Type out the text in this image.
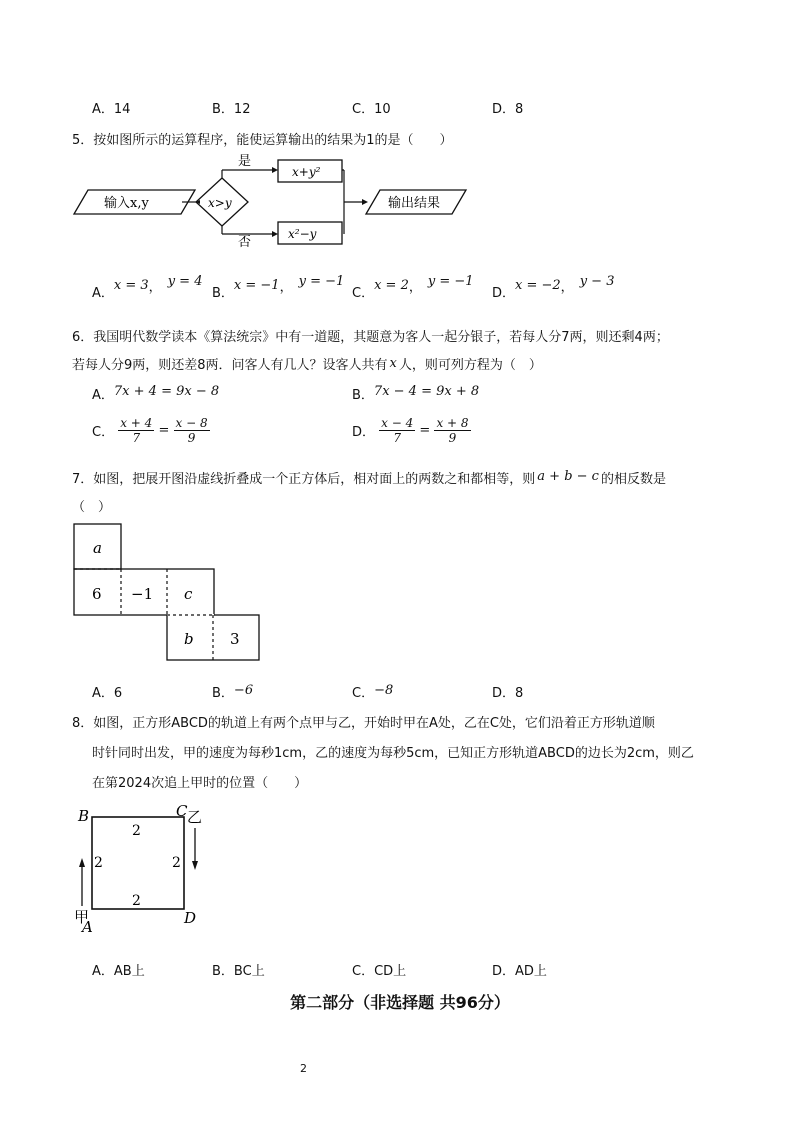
A．14	B．12	C．10	D．8
5．按如图所示的运算程序，能使运算输出的结果为1的是（　　）
输入x,y	x>y
是
x+y²
否
x²−y
输出结果
A．x = 3， y = 4
B．x = −1， y = −1
C．x = 2， y = −1
D．x = −2， y − 3
6．我国明代数学读本《算法统宗》中有一道题，其题意为客人一起分银子，若每人分7两，则还剩4两；
若每人分9两，则还差8两．问客人有几人？设客人共有 x 人，则可列方程为（　）
A．7x + 4 = 9x − 8	B．7x − 4 = 9x + 8
C． $\frac{x + 4}{7} = \frac{x - 8}{9}$	D． $\frac{x - 4}{7} = \frac{x + 8}{9}$
7．如图，把展开图沿虚线折叠成一个正方体后，相对面上的两数之和都相等，则 a + b − c 的相反数是
（　）
a
6 −1 c
b 3
A．6	B．−6	C．−8	D．8
8．如图，正方形ABCD的轨道上有两个点甲与乙，开始时甲在A处，乙在C处，它们沿着正方形轨道顺
时针同时出发，甲的速度为每秒1cm，乙的速度为每秒5cm，已知正方形轨道ABCD的边长为2cm，则乙
在第2024次追上甲时的位置（　　）
B	C 乙
甲
A	D
2
2	2
2
A．AB上	B．BC上	C．CD上	D．AD上
第二部分（非选择题 共96分）
2
